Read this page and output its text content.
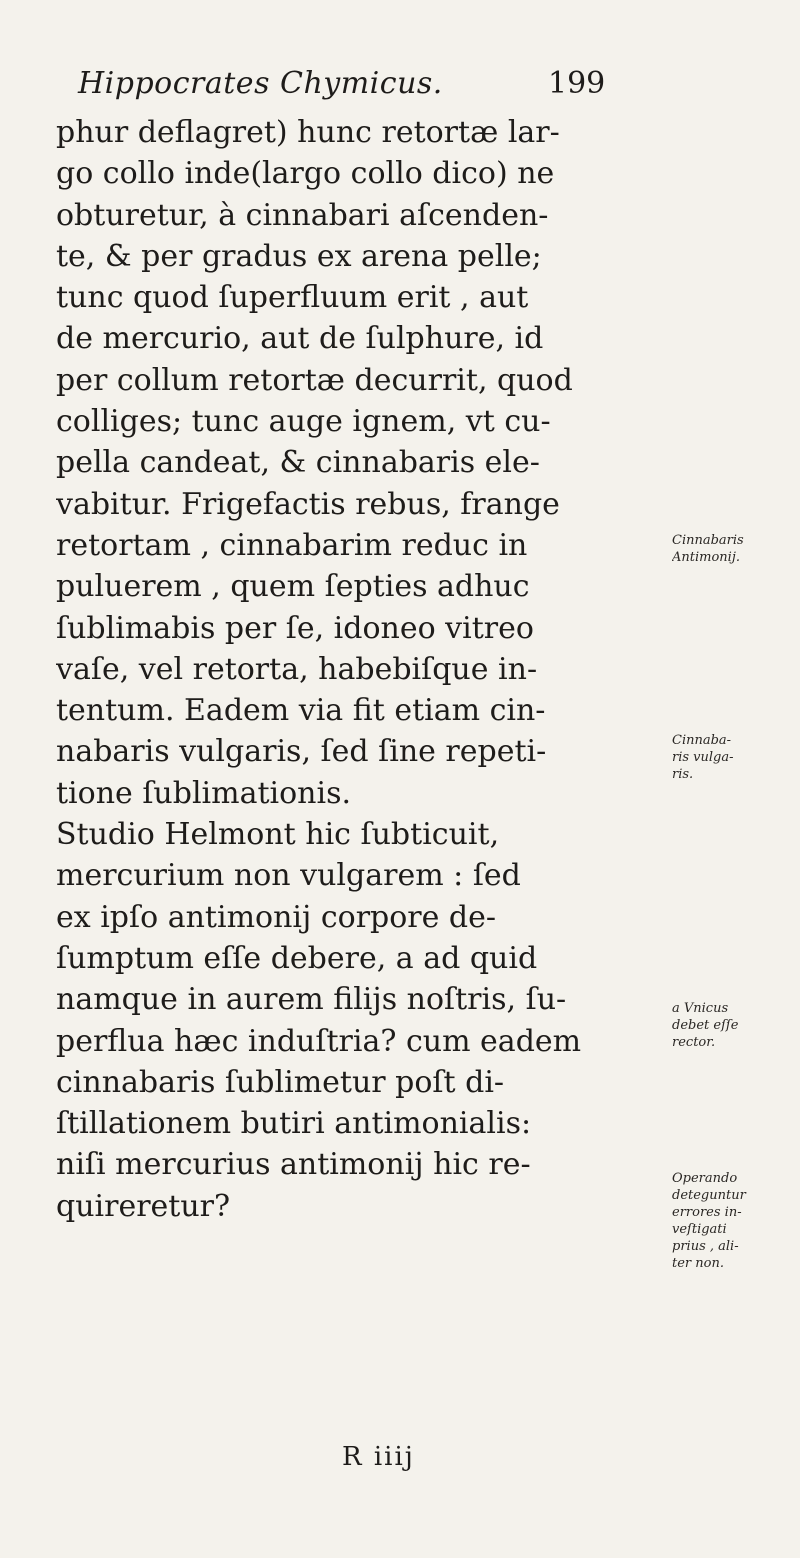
Hippocrates Chymicus.	199
phur deflagret) hunc retortæ lar-
go collo inde(largo collo dico) ne
obturetur, à cinnabari aſcenden-
te, & per gradus ex arena pelle;
tunc quod ſuperfluum erit , aut
de mercurio, aut de ſulphure, id
per collum retortæ decurrit, quod
colliges; tunc auge ignem, vt cu-
pella candeat, & cinnabaris ele-
vabitur. Frigefactis rebus, frange
retortam , cinnabarim reduc in
puluerem , quem ſepties adhuc
ſublimabis per ſe, idoneo vitreo
vaſe, vel retorta, habebiſque in-
tentum. Eadem via fit etiam cin-
nabaris vulgaris, ſed ſine repeti-
tione ſublimationis.
Studio Helmont hic ſubticuit,
mercurium non vulgarem : ſed
ex ipſo antimonij corpore de-
ſumptum eſſe debere, a ad quid
namque in aurem filijs noſtris, ſu-
perflua hæc induſtria? cum eadem
cinnabaris ſublimetur poſt di-
ſtillationem butiri antimonialis:
niſi mercurius antimonij hic re-
quireretur?
Cinnabaris
Antimonij.
Cinnaba-
ris vulga-
ris.
a Vnicus
debet eſſe
rector.
Operando
deteguntur
errores in-
veſtigati
prius , ali-
ter non.
R iiij
